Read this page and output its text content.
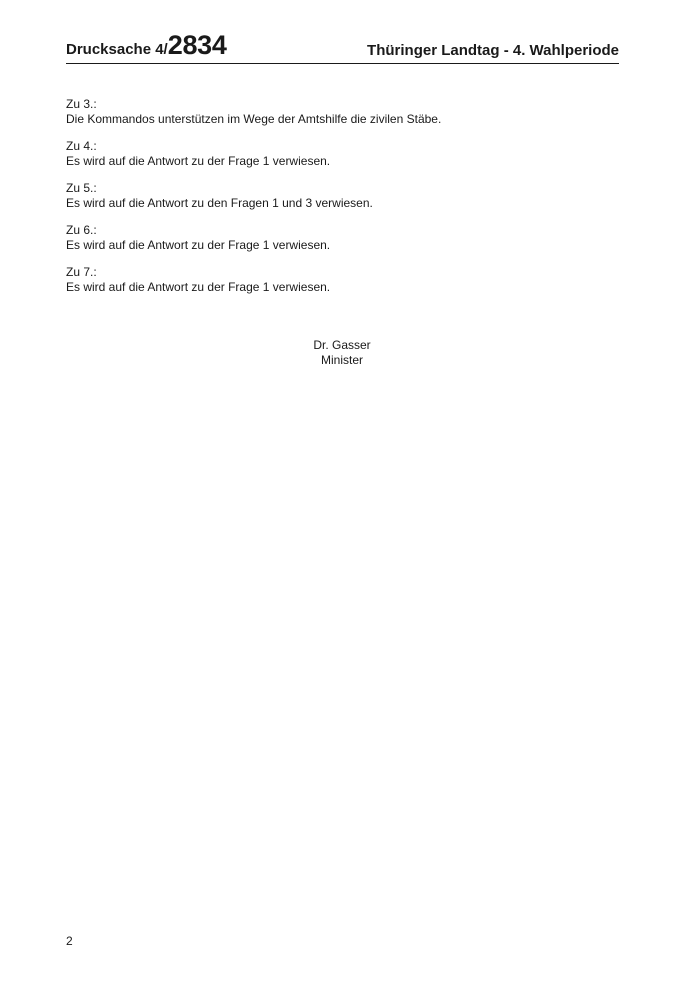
Drucksache 4/2834	Thüringer Landtag - 4. Wahlperiode

Zu 3.:

Die Kommandos unterstützen im Wege der Amtshilfe die zivilen Stäbe.

Zu 4.:

Es wird auf die Antwort zu der Frage 1 verwiesen.

Zu 5.:

Es wird auf die Antwort zu den Fragen 1 und 3 verwiesen.

Zu 6.:

Es wird auf die Antwort zu der Frage 1 verwiesen.

Zu 7.:

Es wird auf die Antwort zu der Frage 1 verwiesen.

Dr. Gasser

Minister

2
